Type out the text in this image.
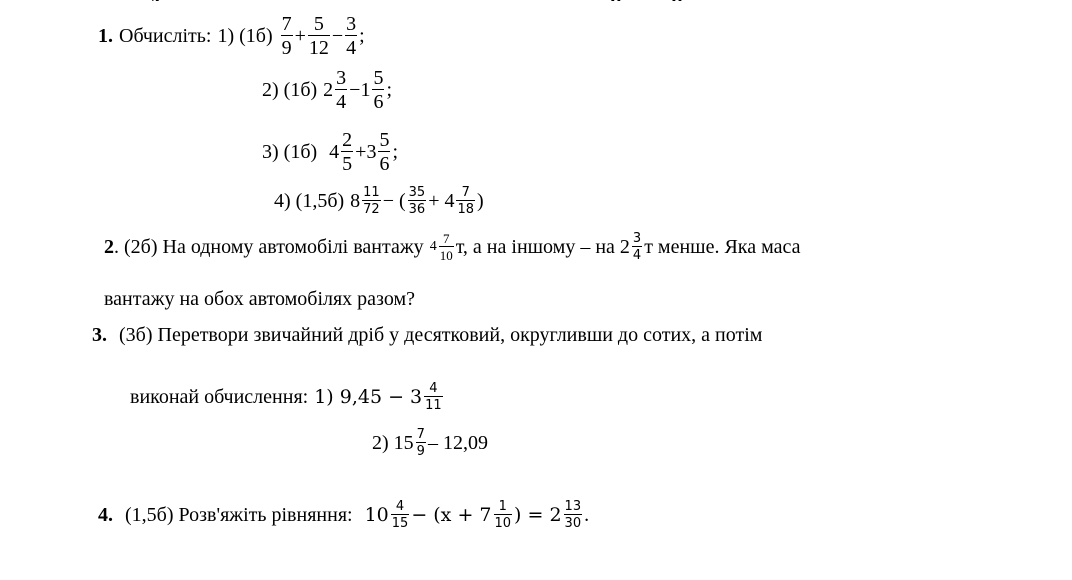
1. Обчисліть: 1) $(1б) \frac{7}{9} + \frac{5}{12} - \frac{3}{4}$ ;
2) (1б) $2 \frac{3}{4} - 1 \frac{5}{6}$ ;
3) (1б) $4 \frac{2}{5} + 3 \frac{5}{6}$ ;
4) (1,5б) $8 \frac{11}{72}$ − ( $\frac{35}{36} + 4 \frac{7}{18}$ )
2 . (2б) На одному автомобілі вантажу $4 \frac{7}{10} т$, а на іншому – на $2 \frac{3}{4}$ т менше. Яка маса
вантажу на обох автомобілях разом?
3. (3б) Перетвори звичайний дріб у десятковий, округливши до сотих, а потім
виконай обчислення: 1) $9,45 - 3 \frac{4}{11}$
2) $15 \frac{7}{9} - 12,09$
4. (1,5б) Розв'яжіть рівняння: $10 \frac{4}{15} - (x + 7 \frac{1}{10}$ ) = $2 \frac{13}{30}$ .
